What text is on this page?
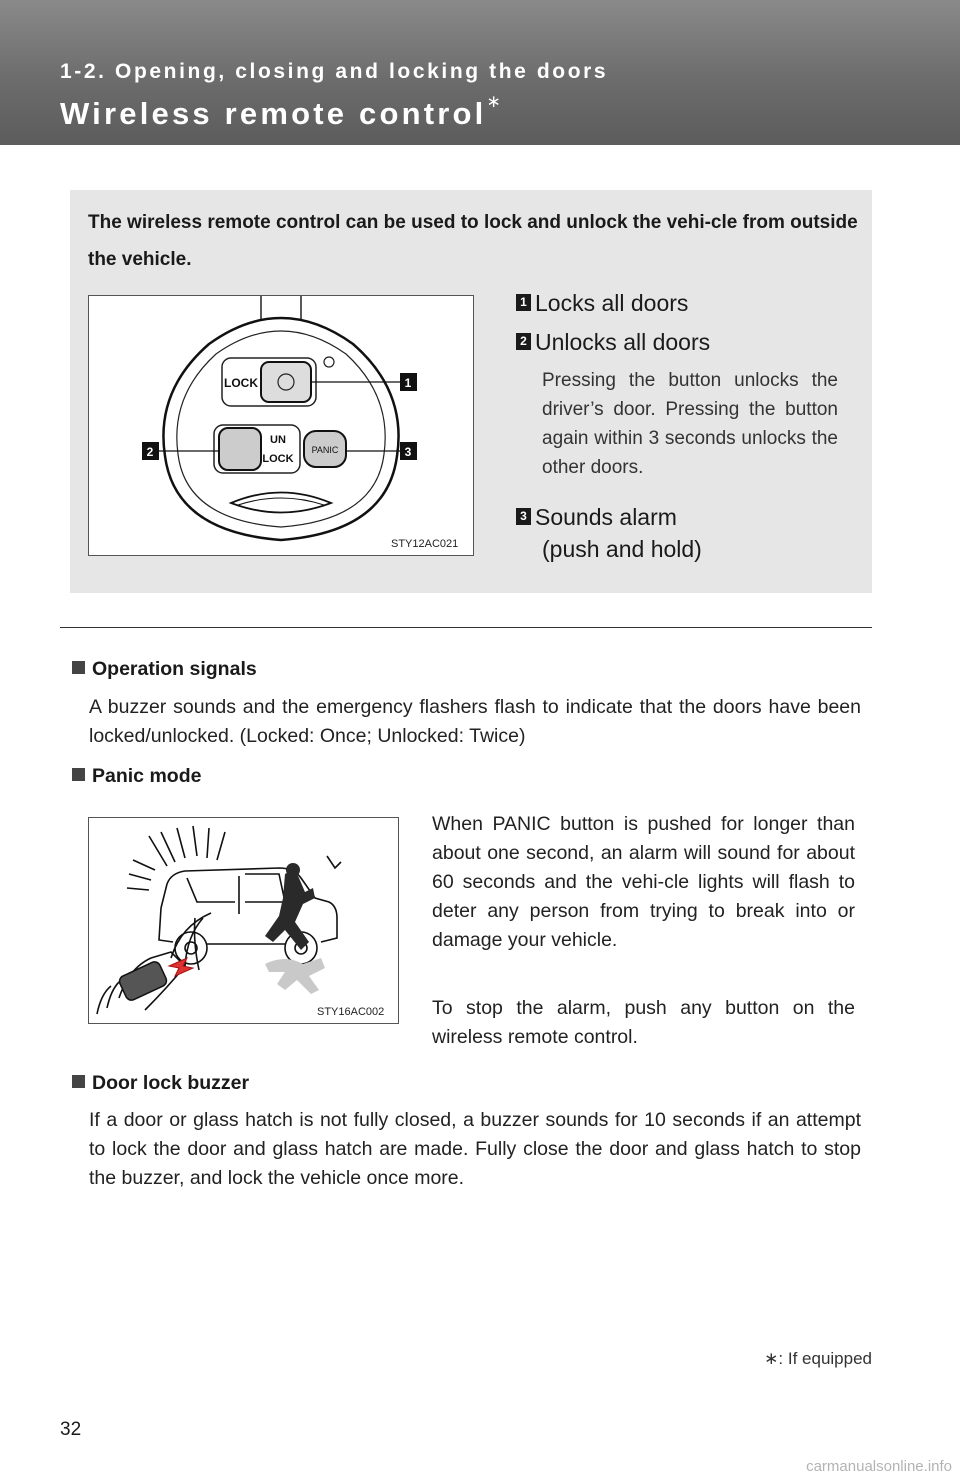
1-2. Opening, closing and locking the doors
Wireless remote control∗
The wireless remote control can be used to lock and unlock the vehi-cle from outside the vehicle.
LOCK
UN
LOCK
PANIC
1
2	3
STY12AC021
1 Locks all doors
2 Unlocks all doors
Pressing the button unlocks the driver’s door. Pressing the button again within 3 seconds unlocks the other doors.
3 Sounds alarm
(push and hold)
Operation signals
A buzzer sounds and the emergency flashers flash to indicate that the doors have been locked/unlocked. (Locked: Once; Unlocked: Twice)
Panic mode
STY16AC002
When PANIC button is pushed for longer than about one second, an alarm will sound for about 60 seconds and the vehi-cle lights will flash to deter any person from trying to break into or damage your vehicle.
To stop the alarm, push any button on the wireless remote control.
Door lock buzzer
If a door or glass hatch is not fully closed, a buzzer sounds for 10 seconds if an attempt to lock the door and glass hatch are made. Fully close the door and glass hatch to stop the buzzer, and lock the vehicle once more.
∗: If equipped
32
carmanualsonline.info
